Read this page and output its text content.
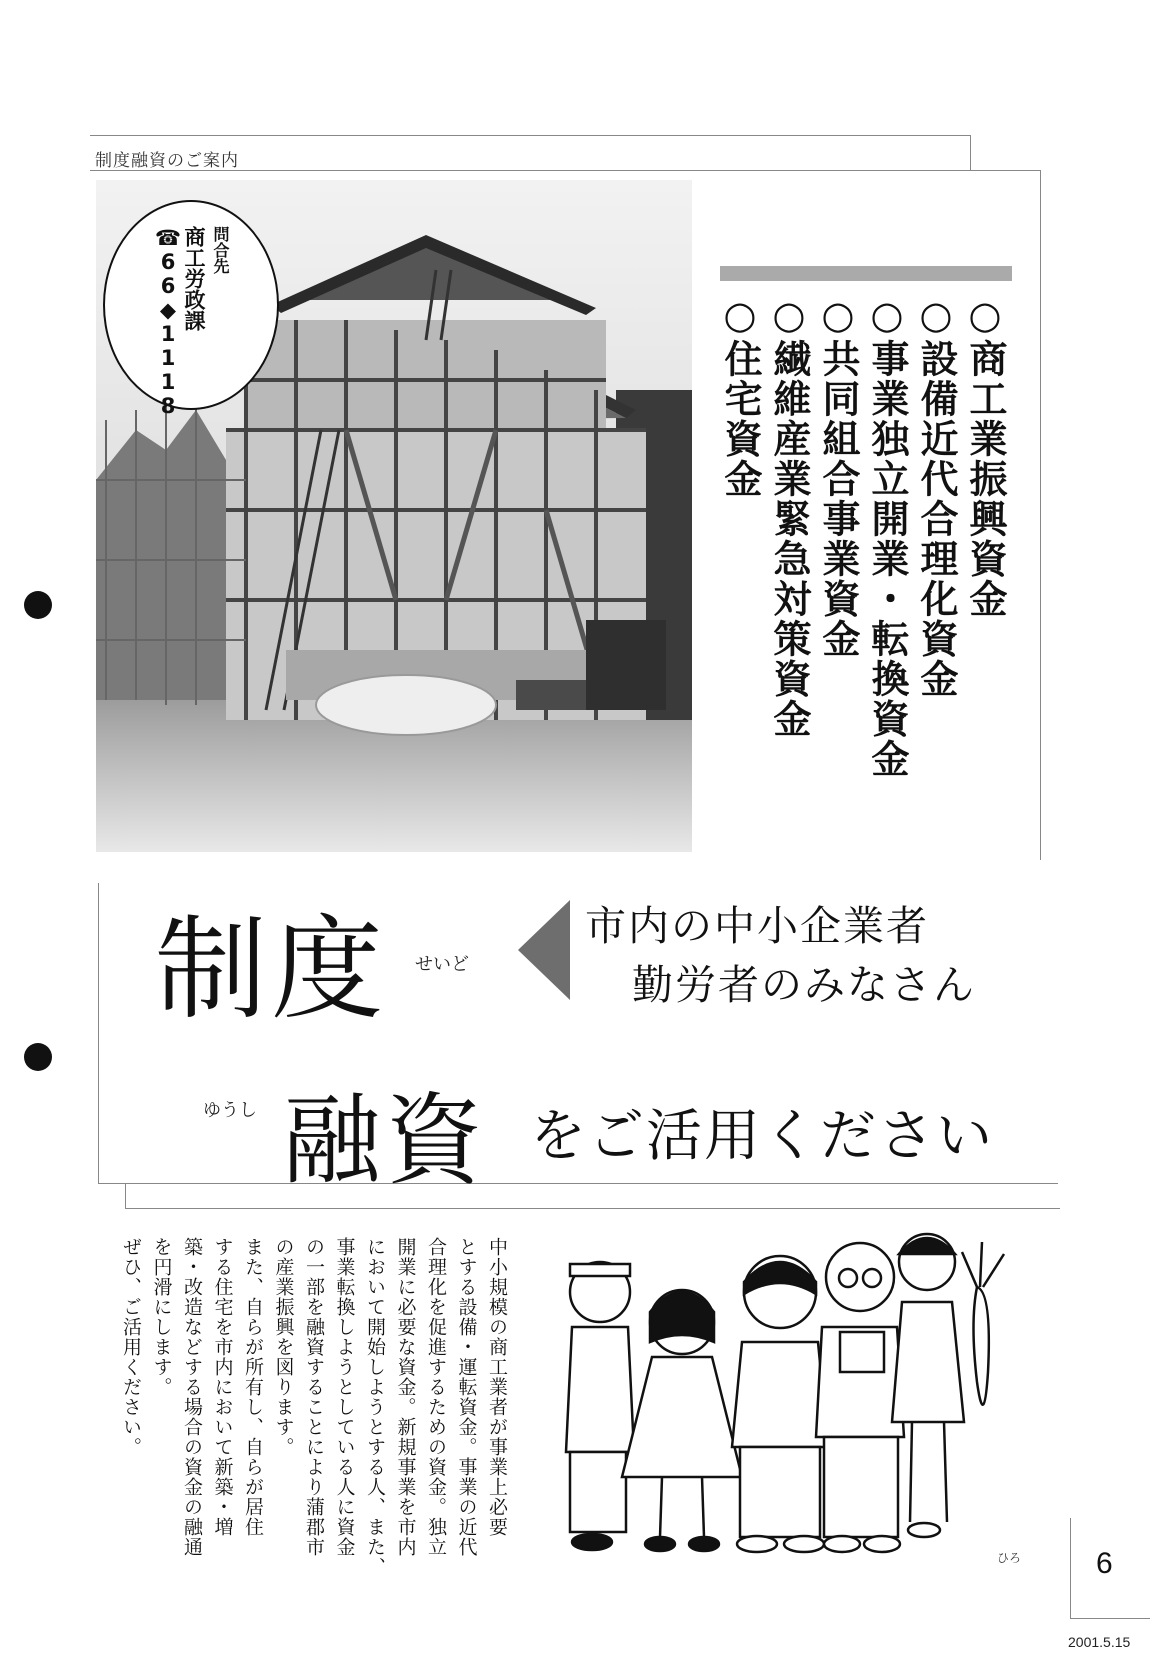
制度融資のご案内
問合先
商工労政課
☎66◆1118	○商工業振興資金
○設備近代合理化資金
○事業独立開業・転換資金
○共同組合事業資金
○繊維産業緊急対策資金
○住宅資金
制度 せいど
市内の中小企業者
勤労者のみなさん
ゆうし 融資 をご活用ください
中小規模の商工業者が事業上必要
とする設備・運転資金。事業の近代
合理化を促進するための資金。独立
開業に必要な資金。新規事業を市内
において開始しようとする人、また、
事業転換しようとしている人に資金
の一部を融資することにより蒲郡市
の産業振興を図ります。
また、自らが所有し、自らが居住
する住宅を市内において新築・増
築・改造などする場合の資金の融通
を円滑にします。
ぜひ、ご活用ください。
ひろ 6
2001.5.15
